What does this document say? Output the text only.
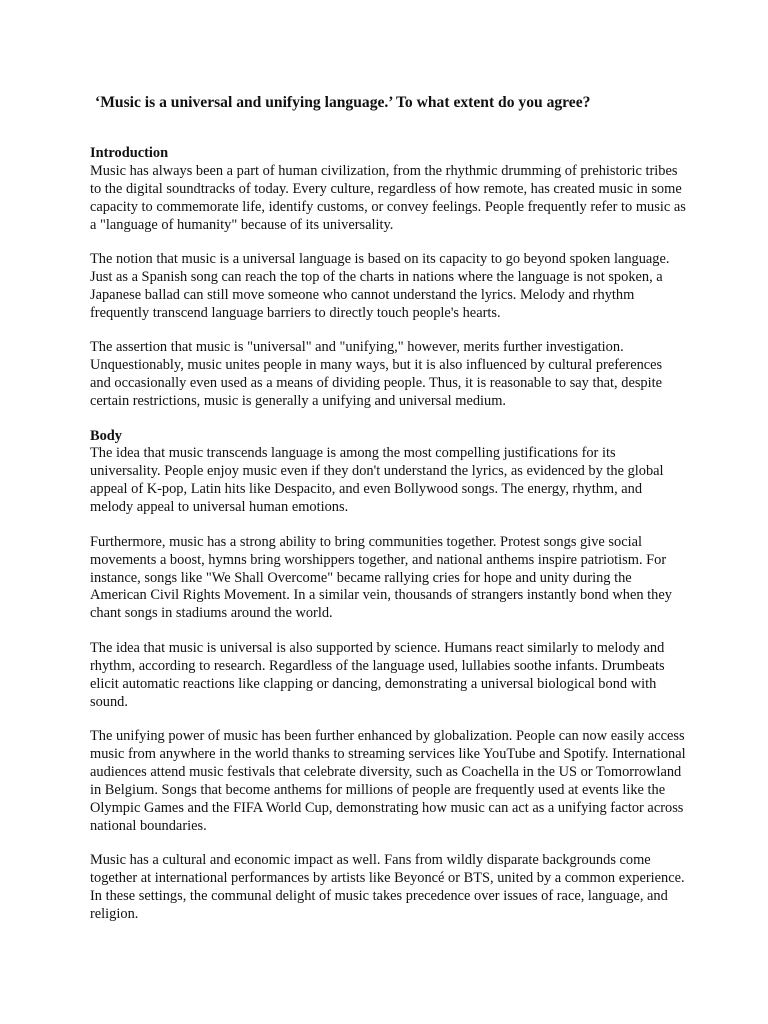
‘Music is a universal and unifying language.’ To what extent do you agree?

Introduction

Music has always been a part of human civilization, from the rhythmic drumming of prehistoric tribes to the digital soundtracks of today. Every culture, regardless of how remote, has created music in some capacity to commemorate life, identify customs, or convey feelings. People frequently refer to music as a "language of humanity" because of its universality.

The notion that music is a universal language is based on its capacity to go beyond spoken language. Just as a Spanish song can reach the top of the charts in nations where the language is not spoken, a Japanese ballad can still move someone who cannot understand the lyrics. Melody and rhythm frequently transcend language barriers to directly touch people's hearts.

The assertion that music is "universal" and "unifying," however, merits further investigation. Unquestionably, music unites people in many ways, but it is also influenced by cultural preferences and occasionally even used as a means of dividing people. Thus, it is reasonable to say that, despite certain restrictions, music is generally a unifying and universal medium.

Body

The idea that music transcends language is among the most compelling justifications for its universality. People enjoy music even if they don't understand the lyrics, as evidenced by the global appeal of K-pop, Latin hits like Despacito, and even Bollywood songs. The energy, rhythm, and melody appeal to universal human emotions.

Furthermore, music has a strong ability to bring communities together. Protest songs give social movements a boost, hymns bring worshippers together, and national anthems inspire patriotism. For instance, songs like "We Shall Overcome" became rallying cries for hope and unity during the American Civil Rights Movement. In a similar vein, thousands of strangers instantly bond when they chant songs in stadiums around the world.

The idea that music is universal is also supported by science. Humans react similarly to melody and rhythm, according to research. Regardless of the language used, lullabies soothe infants. Drumbeats elicit automatic reactions like clapping or dancing, demonstrating a universal biological bond with sound.

The unifying power of music has been further enhanced by globalization. People can now easily access music from anywhere in the world thanks to streaming services like YouTube and Spotify. International audiences attend music festivals that celebrate diversity, such as Coachella in the US or Tomorrowland in Belgium. Songs that become anthems for millions of people are frequently used at events like the Olympic Games and the FIFA World Cup, demonstrating how music can act as a unifying factor across national boundaries.

Music has a cultural and economic impact as well. Fans from wildly disparate backgrounds come together at international performances by artists like Beyoncé or BTS, united by a common experience. In these settings, the communal delight of music takes precedence over issues of race, language, and religion.
